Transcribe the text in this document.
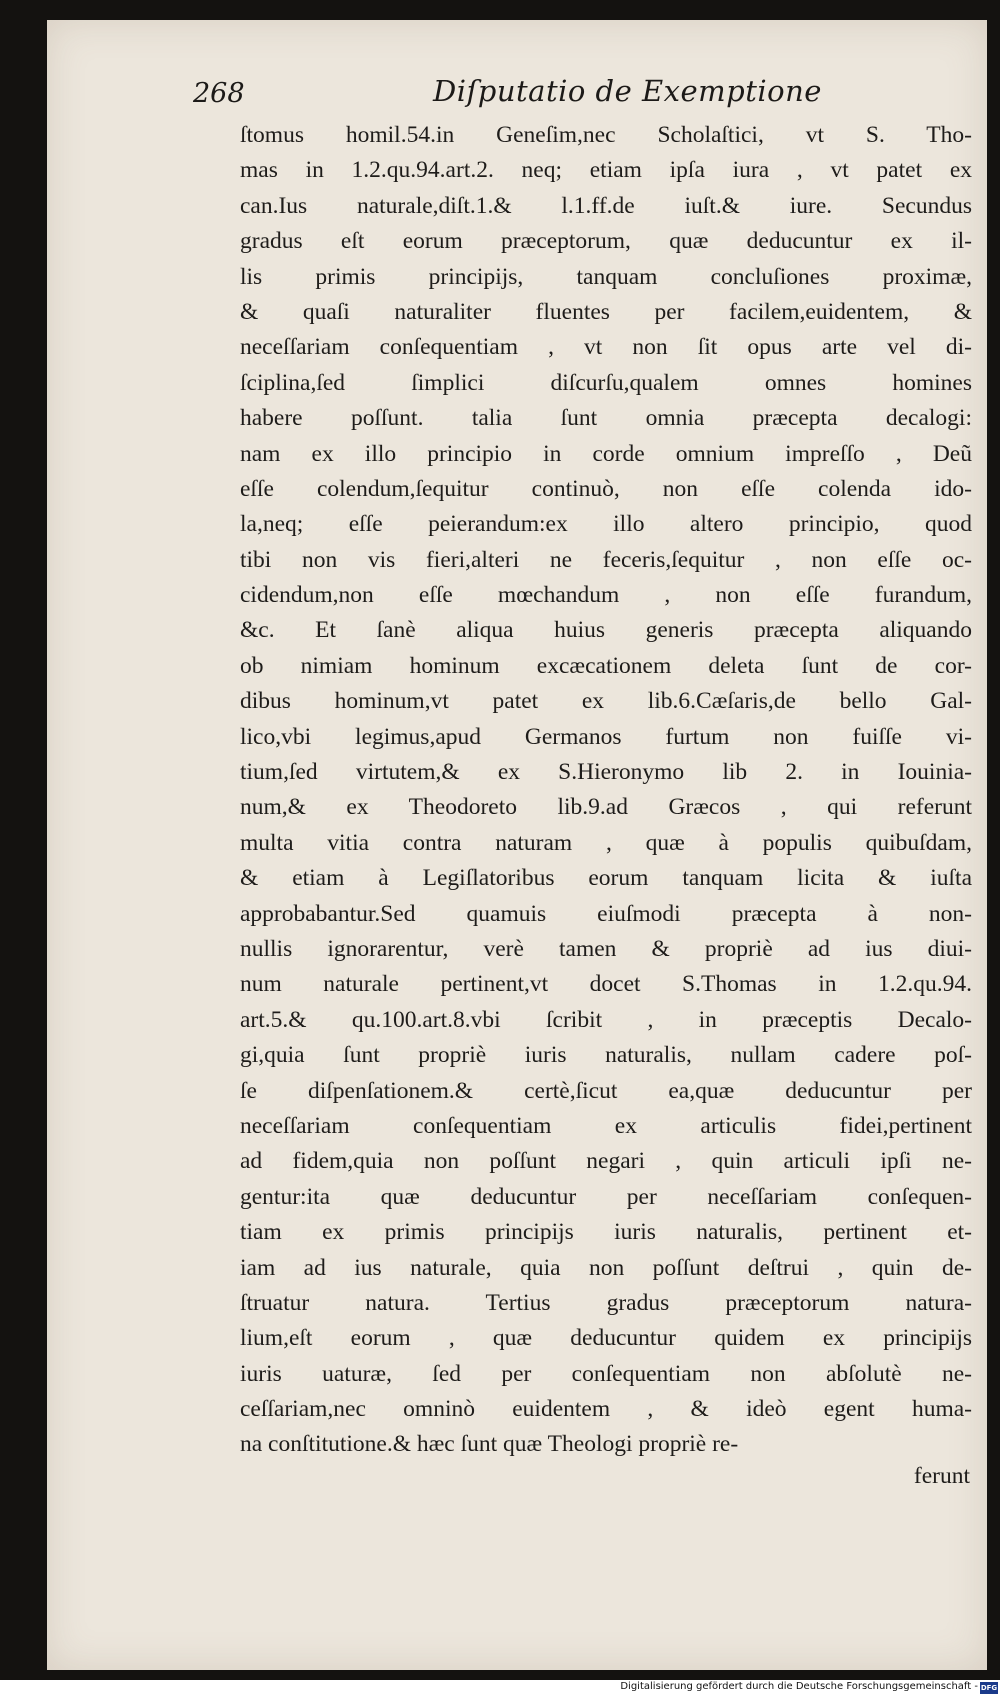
268	Diſputatio de Exemptione
ſtomus homil.54.in Geneſim,nec Scholaſtici, vt S. Tho-
mas in 1.2.qu.94.art.2. neq; etiam ipſa iura , vt patet ex
can.Ius naturale,diſt.1.& l.1.ff.de iuſt.& iure. Secundus
gradus eſt eorum præceptorum, quæ deducuntur ex il-
lis primis principijs, tanquam concluſiones proximæ,
& quaſi naturaliter fluentes per facilem,euidentem, &
neceſſariam conſequentiam , vt non ſit opus arte vel di-
ſciplina,ſed ſimplici diſcurſu,qualem omnes homines
habere poſſunt. talia ſunt omnia præcepta decalogi:
nam ex illo principio in corde omnium impreſſo , Deũ
eſſe colendum,ſequitur continuò, non eſſe colenda ido-
la,neq; eſſe peierandum:ex illo altero principio, quod
tibi non vis fieri,alteri ne feceris,ſequitur , non eſſe oc-
cidendum,non eſſe mœchandum , non eſſe furandum,
&c. Et ſanè aliqua huius generis præcepta aliquando
ob nimiam hominum excæcationem deleta ſunt de cor-
dibus hominum,vt patet ex lib.6.Cæſaris,de bello Gal-
lico,vbi legimus,apud Germanos furtum non fuiſſe vi-
tium,ſed virtutem,& ex S.Hieronymo lib 2. in Iouinia-
num,& ex Theodoreto lib.9.ad Græcos , qui referunt
multa vitia contra naturam , quæ à populis quibuſdam,
& etiam à Legiſlatoribus eorum tanquam licita & iuſta
approbabantur.Sed quamuis eiuſmodi præcepta à non-
nullis ignorarentur, verè tamen & propriè ad ius diui-
num naturale pertinent,vt docet S.Thomas in 1.2.qu.94.
art.5.& qu.100.art.8.vbi ſcribit , in præceptis Decalo-
gi,quia ſunt propriè iuris naturalis, nullam cadere poſ-
ſe diſpenſationem.& certè,ſicut ea,quæ deducuntur per
neceſſariam conſequentiam ex articulis fidei,pertinent
ad fidem,quia non poſſunt negari , quin articuli ipſi ne-
gentur:ita quæ deducuntur per neceſſariam conſequen-
tiam ex primis principijs iuris naturalis, pertinent et-
iam ad ius naturale, quia non poſſunt deſtrui , quin de-
ſtruatur natura. Tertius gradus præceptorum natura-
lium,eſt eorum , quæ deducuntur quidem ex principijs
iuris uaturæ, ſed per conſequentiam non abſolutè ne-
ceſſariam,nec omninò euidentem , & ideò egent huma-
na conſtitutione.& hæc ſunt quæ Theologi propriè re-
ferunt
Digitalisierung gefördert durch die Deutsche Forschungsgemeinschaft - DFG
